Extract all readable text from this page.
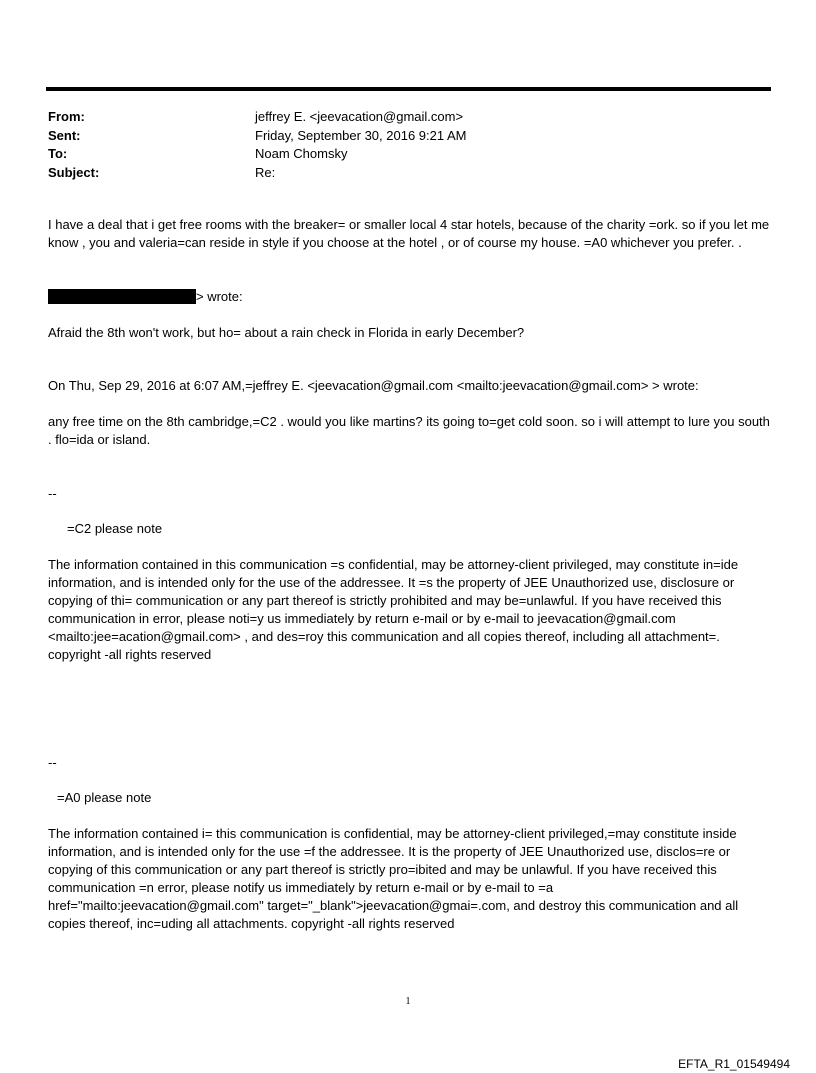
From:	jeffrey E. <jeevacation@gmail.com>
Sent:	Friday, September 30, 2016 9:21 AM
To:	Noam Chomsky
Subject:	Re:

I have a deal that i get free rooms with the breaker= or smaller local 4 star hotels, because of the charity =ork. so if you let me know , you and valeria=can reside in style if you choose at the hotel , or of course my house. =A0 whichever you prefer. .

> wrote:

Afraid the 8th won't work, but ho= about a rain check in Florida in early December?

On Thu, Sep 29, 2016 at 6:07 AM,=jeffrey E. <jeevacation@gmail.com <mailto:jeevacation@gmail.com> > wrote:

any free time on the 8th cambridge,=C2 . would you like martins? its going to=get cold soon. so i will attempt to lure you south . flo=ida or island.

--

=C2 please note

The information contained in this communication =s confidential, may be attorney-client privileged, may constitute in=ide information, and is intended only for the use of the addressee. It =s the property of JEE Unauthorized use, disclosure or copying of thi= communication or any part thereof is strictly prohibited and may be=unlawful. If you have received this communication in error, please noti=y us immediately by return e-mail or by e-mail to jeevacation@gmail.com <mailto:jee=acation@gmail.com> , and des=roy this communication and all copies thereof, including all attachment=. copyright -all rights reserved

--

=A0 please note

The information contained i= this communication is confidential, may be attorney-client privileged,=may constitute inside information, and is intended only for the use =f the addressee. It is the property of JEE Unauthorized use, disclos=re or copying of this communication or any part thereof is strictly pro=ibited and may be unlawful. If you have received this communication =n error, please notify us immediately by return e-mail or by e-mail to =a href="mailto:jeevacation@gmail.com" target="_blank">jeevacation@gmai=.com, and destroy this communication and all copies thereof, inc=uding all attachments. copyright -all rights reserved

1
EFTA_R1_01549494
